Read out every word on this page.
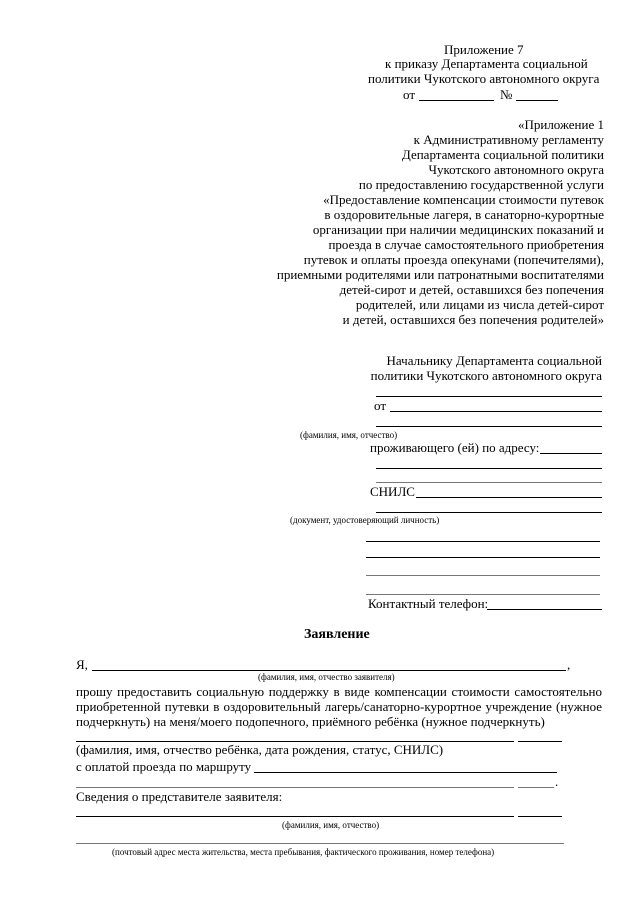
Приложение 7
к приказу Департамента социальной
политики Чукотского автономного округа
от	№
«Приложение 1
к Административному регламенту
Департамента социальной политики
Чукотского автономного округа
по предоставлению государственной услуги
«Предоставление компенсации стоимости путевок
в оздоровительные лагеря, в санаторно-курортные
организации при наличии медицинских показаний и
проезда в случае самостоятельного приобретения
путевок и оплаты проезда опекунами (попечителями),
приемными родителями или патронатными воспитателями
детей-сирот и детей, оставшихся без попечения
родителей, или лицами из числа детей-сирот
и детей, оставшихся без попечения родителей»
Начальнику Департамента социальной
политики Чукотского автономного округа
от
(фамилия, имя, отчество)
проживающего (ей) по адресу:
СНИЛС
(документ, удостоверяющий личность)
Контактный телефон:
Заявление
Я,	,
(фамилия, имя, отчество заявителя)
прошу предоставить социальную поддержку в виде компенсации стоимости самостоятельно
приобретенной путевки в оздоровительный лагерь/санаторно-курортное учреждение (нужное
подчеркнуть) на меня/моего подопечного, приёмного ребёнка (нужное подчеркнуть)
(фамилия, имя, отчество ребёнка, дата рождения, статус, СНИЛС)
с оплатой проезда по маршруту
.
Сведения о представителе заявителя:
(фамилия, имя, отчество)
(почтовый адрес места жительства, места пребывания, фактического проживания, номер телефона)
